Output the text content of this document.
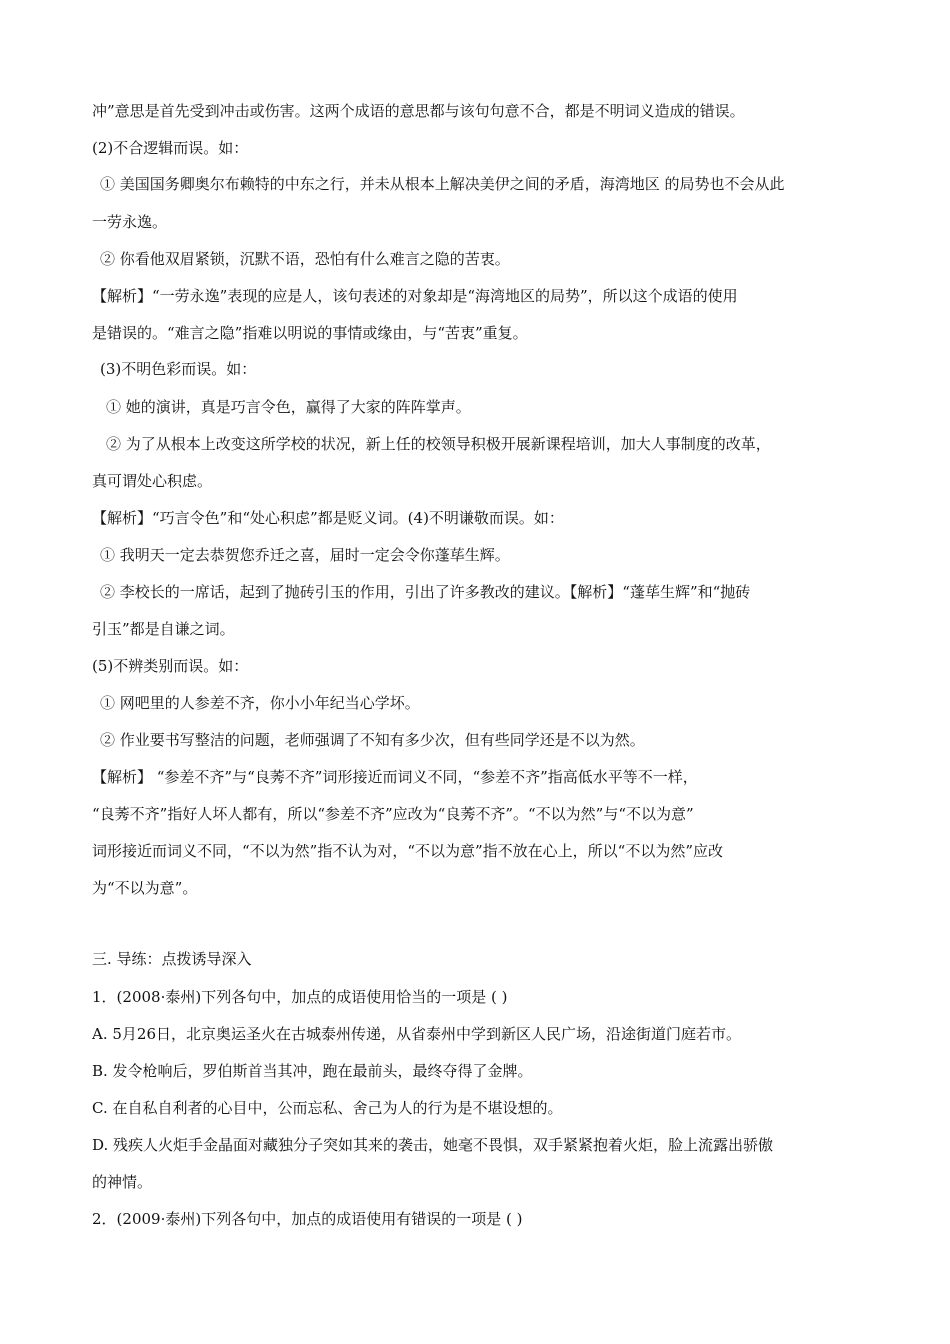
冲”意思是首先受到冲击或伤害。这两个成语的意思都与该句句意不合，都是不明词义造成的错误。
(2)不合逻辑而误。如：
① 美国国务卿奥尔布赖特的中东之行，并未从根本上解决美伊之间的矛盾，海湾地区 的局势也不会从此
一劳永逸。
② 你看他双眉紧锁，沉默不语，恐怕有什么难言之隐的苦衷。
【解析】“一劳永逸”表现的应是人，该句表述的对象却是“海湾地区的局势”，所以这个成语的使用
是错误的。“难言之隐”指难以明说的事情或缘由，与“苦衷”重复。
(3)不明色彩而误。如：
① 她的演讲，真是巧言令色，赢得了大家的阵阵掌声。
② 为了从根本上改变这所学校的状况，新上任的校领导积极开展新课程培训，加大人事制度的改革，
真可谓处心积虑。
【解析】“巧言令色”和“处心积虑”都是贬义词。(4)不明谦敬而误。如：
① 我明天一定去恭贺您乔迁之喜，届时一定会令你蓬荜生辉。
② 李校长的一席话，起到了抛砖引玉的作用，引出了许多教改的建议。【解析】“蓬荜生辉”和“抛砖
引玉”都是自谦之词。
(5)不辨类别而误。如：
① 网吧里的人参差不齐，你小小年纪当心学坏。
② 作业要书写整洁的问题，老师强调了不知有多少次，但有些同学还是不以为然。
【解析】 “参差不齐”与“良莠不齐”词形接近而词义不同，“参差不齐”指高低水平等不一样，
“良莠不齐”指好人坏人都有，所以“参差不齐”应改为“良莠不齐”。“不以为然”与“不以为意”
词形接近而词义不同，“不以为然”指不认为对，“不以为意”指不放在心上，所以“不以为然”应改
为“不以为意”。
三. 导练：点拨诱导深入
1．(2008·泰州)下列各句中，加点的成语使用恰当的一项是 ( )
A. 5月26日，北京奥运圣火在古城泰州传递，从省泰州中学到新区人民广场，沿途街道门庭若市。
B. 发令枪响后，罗伯斯首当其冲，跑在最前头，最终夺得了金牌。
C. 在自私自利者的心目中，公而忘私、舍己为人的行为是不堪设想的。
D. 残疾人火炬手金晶面对藏独分子突如其来的袭击，她毫不畏惧，双手紧紧抱着火炬，脸上流露出骄傲
的神情。
2．(2009·泰州)下列各句中，加点的成语使用有错误的一项是 ( )
